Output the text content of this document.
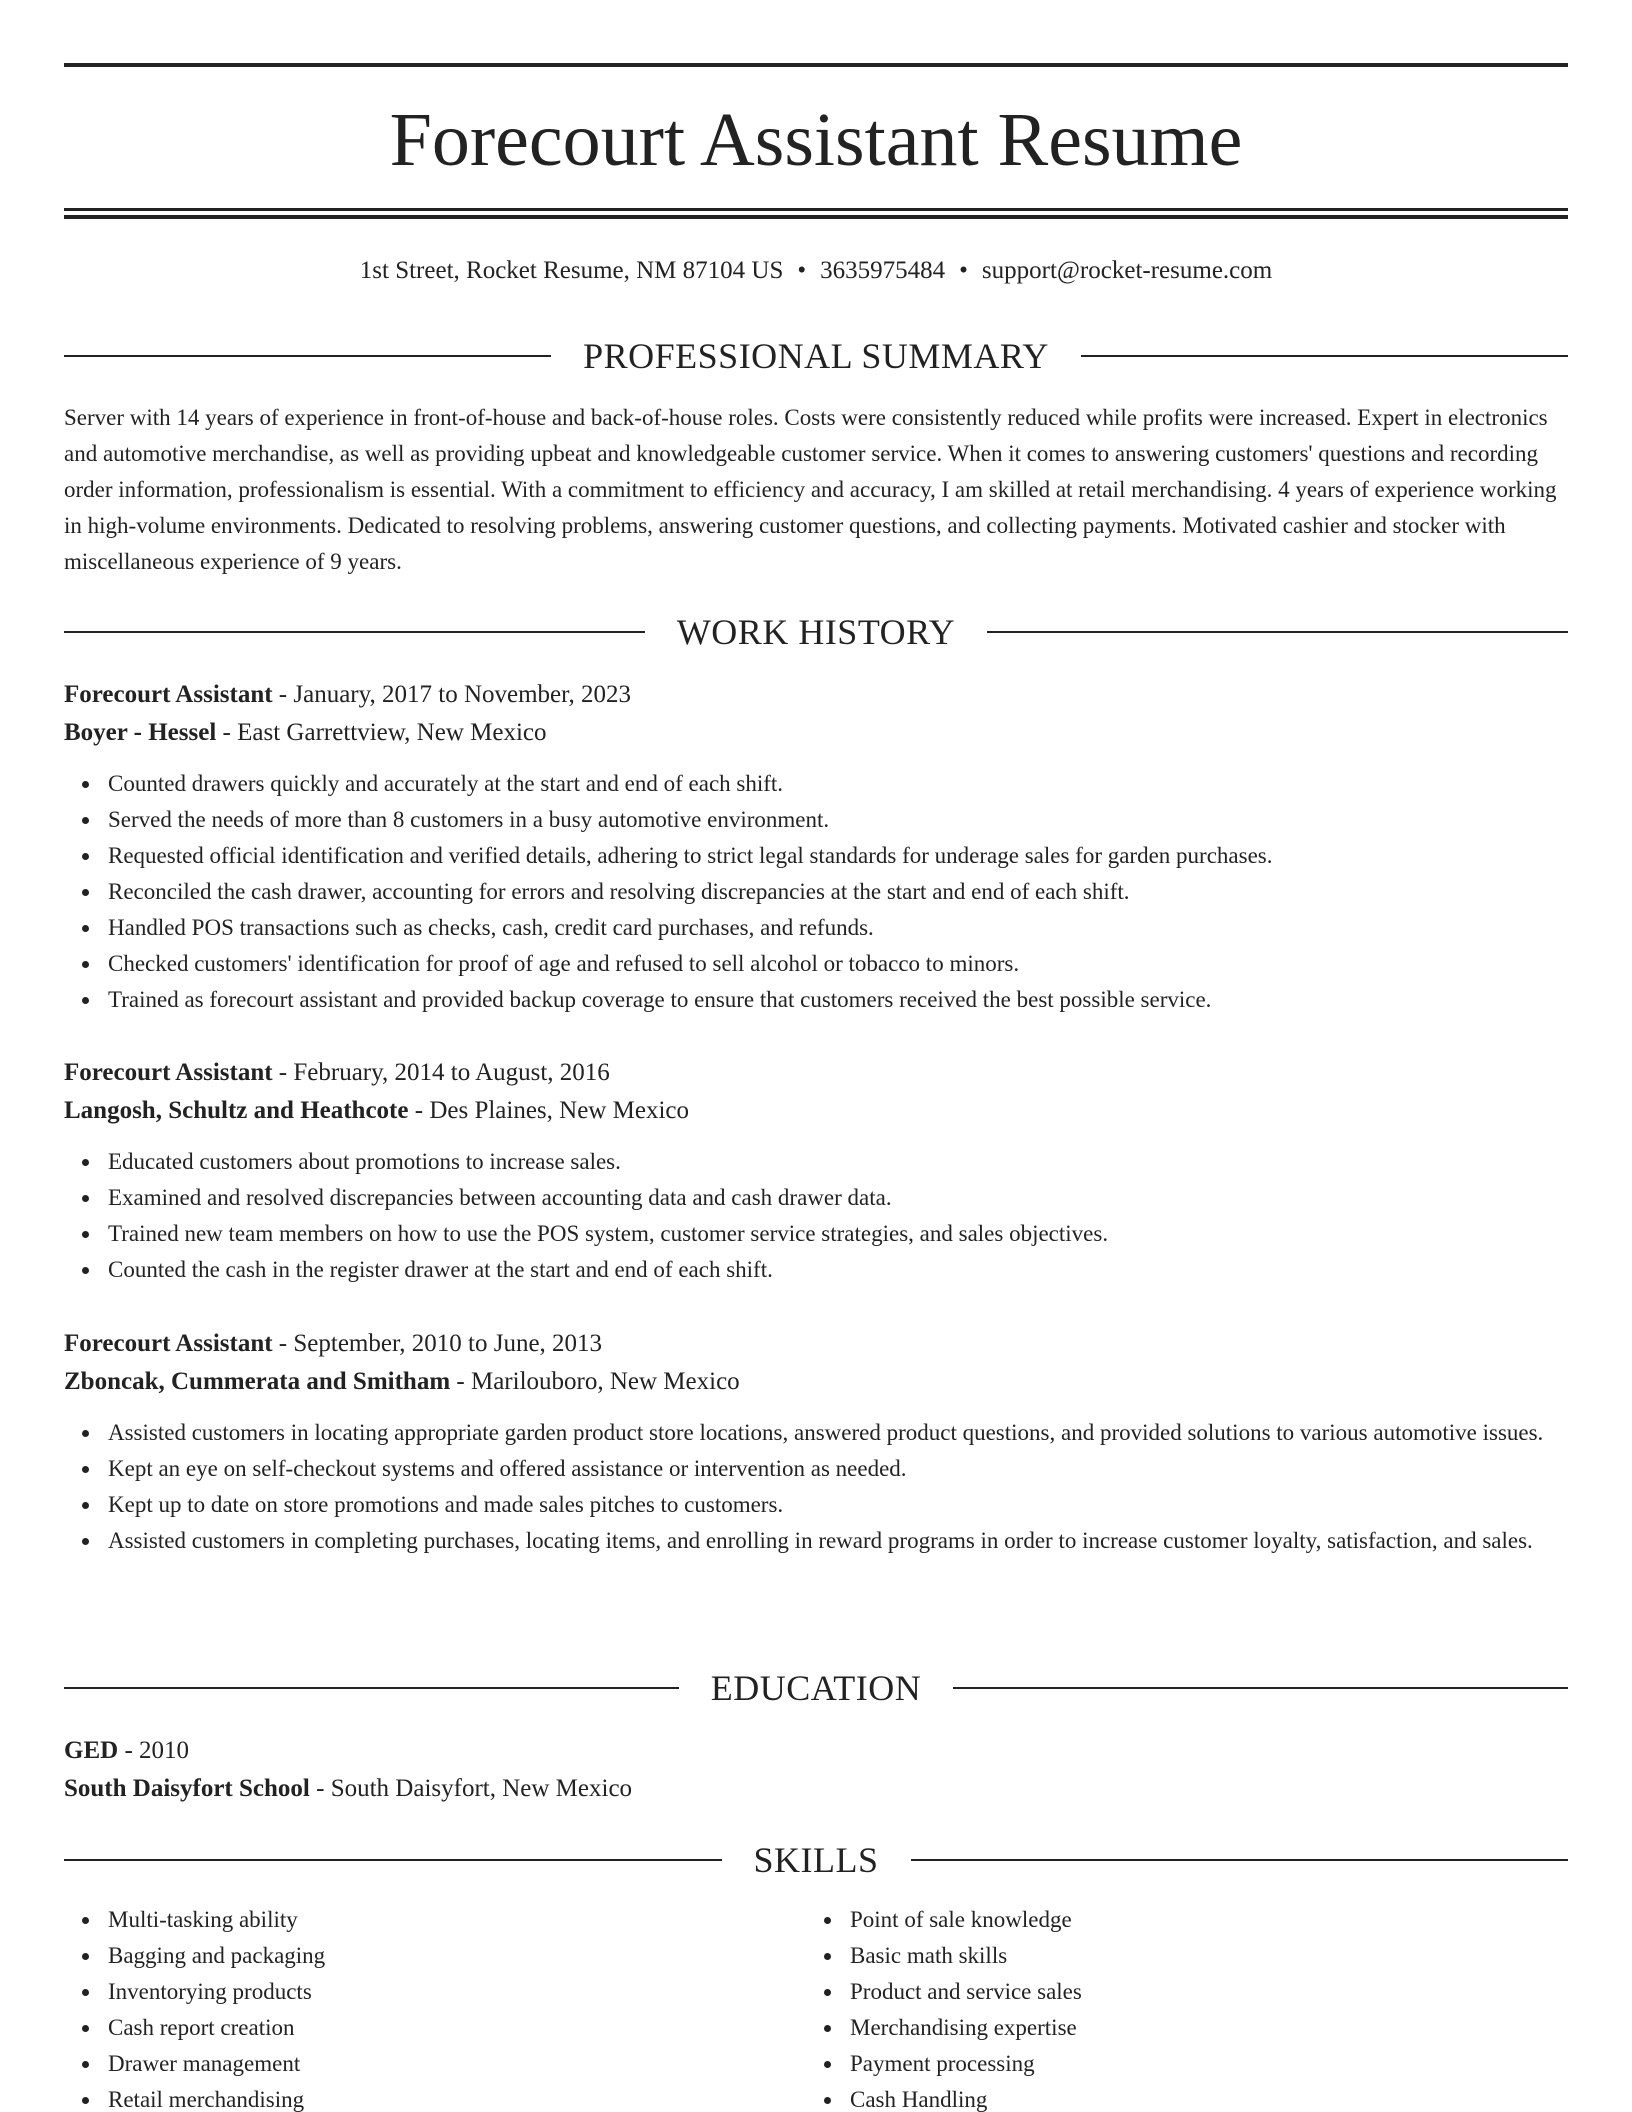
Forecourt Assistant Resume
1st Street, Rocket Resume, NM 87104 US • 3635975484 • support@rocket-resume.com
PROFESSIONAL SUMMARY

Server with 14 years of experience in front-of-house and back-of-house roles. Costs were consistently reduced while profits were increased. Expert in electronics and automotive merchandise, as well as providing upbeat and knowledgeable customer service. When it comes to answering customers' questions and recording order information, professionalism is essential. With a commitment to efficiency and accuracy, I am skilled at retail merchandising. 4 years of experience working in high-volume environments. Dedicated to resolving problems, answering customer questions, and collecting payments. Motivated cashier and stocker with miscellaneous experience of 9 years.

WORK HISTORY
Forecourt Assistant - January, 2017 to November, 2023
Boyer - Hessel - East Garrettview, New Mexico
Counted drawers quickly and accurately at the start and end of each shift.
Served the needs of more than 8 customers in a busy automotive environment.
Requested official identification and verified details, adhering to strict legal standards for underage sales for garden purchases.
Reconciled the cash drawer, accounting for errors and resolving discrepancies at the start and end of each shift.
Handled POS transactions such as checks, cash, credit card purchases, and refunds.
Checked customers' identification for proof of age and refused to sell alcohol or tobacco to minors.
Trained as forecourt assistant and provided backup coverage to ensure that customers received the best possible service.
Forecourt Assistant - February, 2014 to August, 2016
Langosh, Schultz and Heathcote - Des Plaines, New Mexico
Educated customers about promotions to increase sales.
Examined and resolved discrepancies between accounting data and cash drawer data.
Trained new team members on how to use the POS system, customer service strategies, and sales objectives.
Counted the cash in the register drawer at the start and end of each shift.
Forecourt Assistant - September, 2010 to June, 2013
Zboncak, Cummerata and Smitham - Marilouboro, New Mexico
Assisted customers in locating appropriate garden product store locations, answered product questions, and provided solutions to various automotive issues.
Kept an eye on self-checkout systems and offered assistance or intervention as needed.
Kept up to date on store promotions and made sales pitches to customers.
Assisted customers in completing purchases, locating items, and enrolling in reward programs in order to increase customer loyalty, satisfaction, and sales.
EDUCATION
GED - 2010
South Daisyfort School - South Daisyfort, New Mexico
SKILLS
Multi-tasking ability
Bagging and packaging
Inventorying products
Cash report creation
Drawer management
Retail merchandising
Point of sale knowledge
Basic math skills
Product and service sales
Merchandising expertise
Payment processing
Cash Handling
